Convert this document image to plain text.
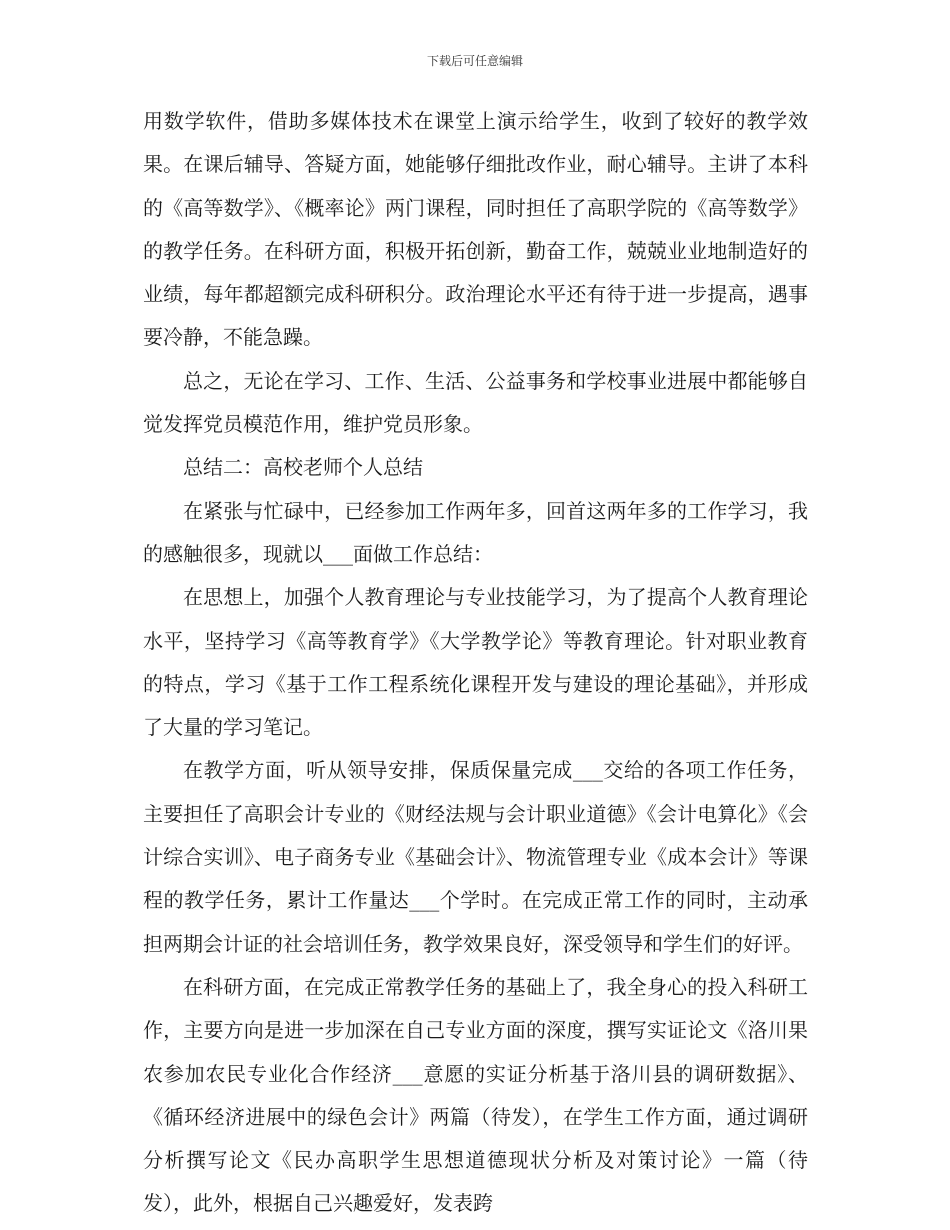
下载后可任意编辑

用数学软件，借助多媒体技术在课堂上演示给学生，收到了较好的教学效果。在课后辅导、答疑方面，她能够仔细批改作业，耐心辅导。主讲了本科的《高等数学》、《概率论》两门课程，同时担任了高职学院的《高等数学》的教学任务。在科研方面，积极开拓创新，勤奋工作，兢兢业业地制造好的业绩，每年都超额完成科研积分。政治理论水平还有待于进一步提高，遇事要冷静，不能急躁。

总之，无论在学习、工作、生活、公益事务和学校事业进展中都能够自觉发挥党员模范作用，维护党员形象。

总结二：高校老师个人总结

在紧张与忙碌中，已经参加工作两年多，回首这两年多的工作学习，我的感触很多，现就以___面做工作总结：

在思想上，加强个人教育理论与专业技能学习，为了提高个人教育理论水平，坚持学习《高等教育学》《大学教学论》等教育理论。针对职业教育的特点，学习《基于工作工程系统化课程开发与建设的理论基础》，并形成了大量的学习笔记。

在教学方面，听从领导安排，保质保量完成___交给的各项工作任务，主要担任了高职会计专业的《财经法规与会计职业道德》《会计电算化》《会计综合实训》、电子商务专业《基础会计》、物流管理专业《成本会计》等课程的教学任务，累计工作量达___个学时。在完成正常工作的同时，主动承担两期会计证的社会培训任务，教学效果良好，深受领导和学生们的好评。

在科研方面，在完成正常教学任务的基础上了，我全身心的投入科研工作，主要方向是进一步加深在自己专业方面的深度，撰写实证论文《洛川果农参加农民专业化合作经济___意愿的实证分析基于洛川县的调研数据》、《循环经济进展中的绿色会计》两篇（待发），在学生工作方面，通过调研分析撰写论文《民办高职学生思想道德现状分析及对策讨论》一篇（待发），此外，根据自己兴趣爱好，发表跨
